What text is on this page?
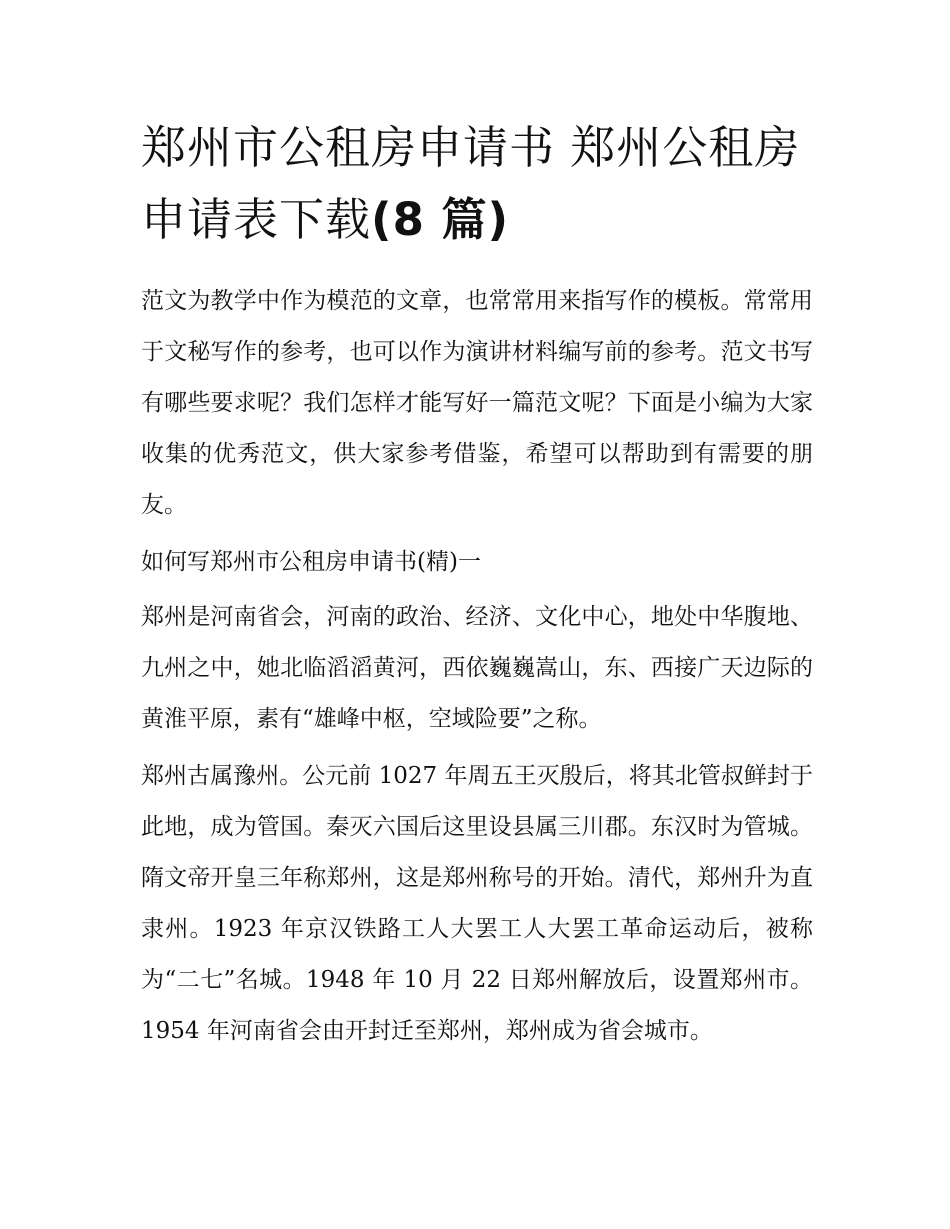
郑州市公租房申请书 郑州公租房申请表下载(8 篇)

范文为教学中作为模范的文章，也常常用来指写作的模板。常常用于文秘写作的参考，也可以作为演讲材料编写前的参考。范文书写有哪些要求呢？我们怎样才能写好一篇范文呢？下面是小编为大家收集的优秀范文，供大家参考借鉴，希望可以帮助到有需要的朋友。

如何写郑州市公租房申请书(精)一

郑州是河南省会，河南的政治、经济、文化中心，地处中华腹地、九州之中，她北临滔滔黄河，西依巍巍嵩山，东、西接广天边际的黄淮平原，素有“雄峰中枢，空域险要”之称。

郑州古属豫州。公元前 1027 年周五王灭殷后，将其北管叔鲜封于此地，成为管国。秦灭六国后这里设县属三川郡。东汉时为管城。隋文帝开皇三年称郑州，这是郑州称号的开始。清代，郑州升为直隶州。1923 年京汉铁路工人大罢工人大罢工革命运动后，被称为“二七”名城。1948 年 10 月 22 日郑州解放后，设置郑州市。1954 年河南省会由开封迁至郑州，郑州成为省会城市。
